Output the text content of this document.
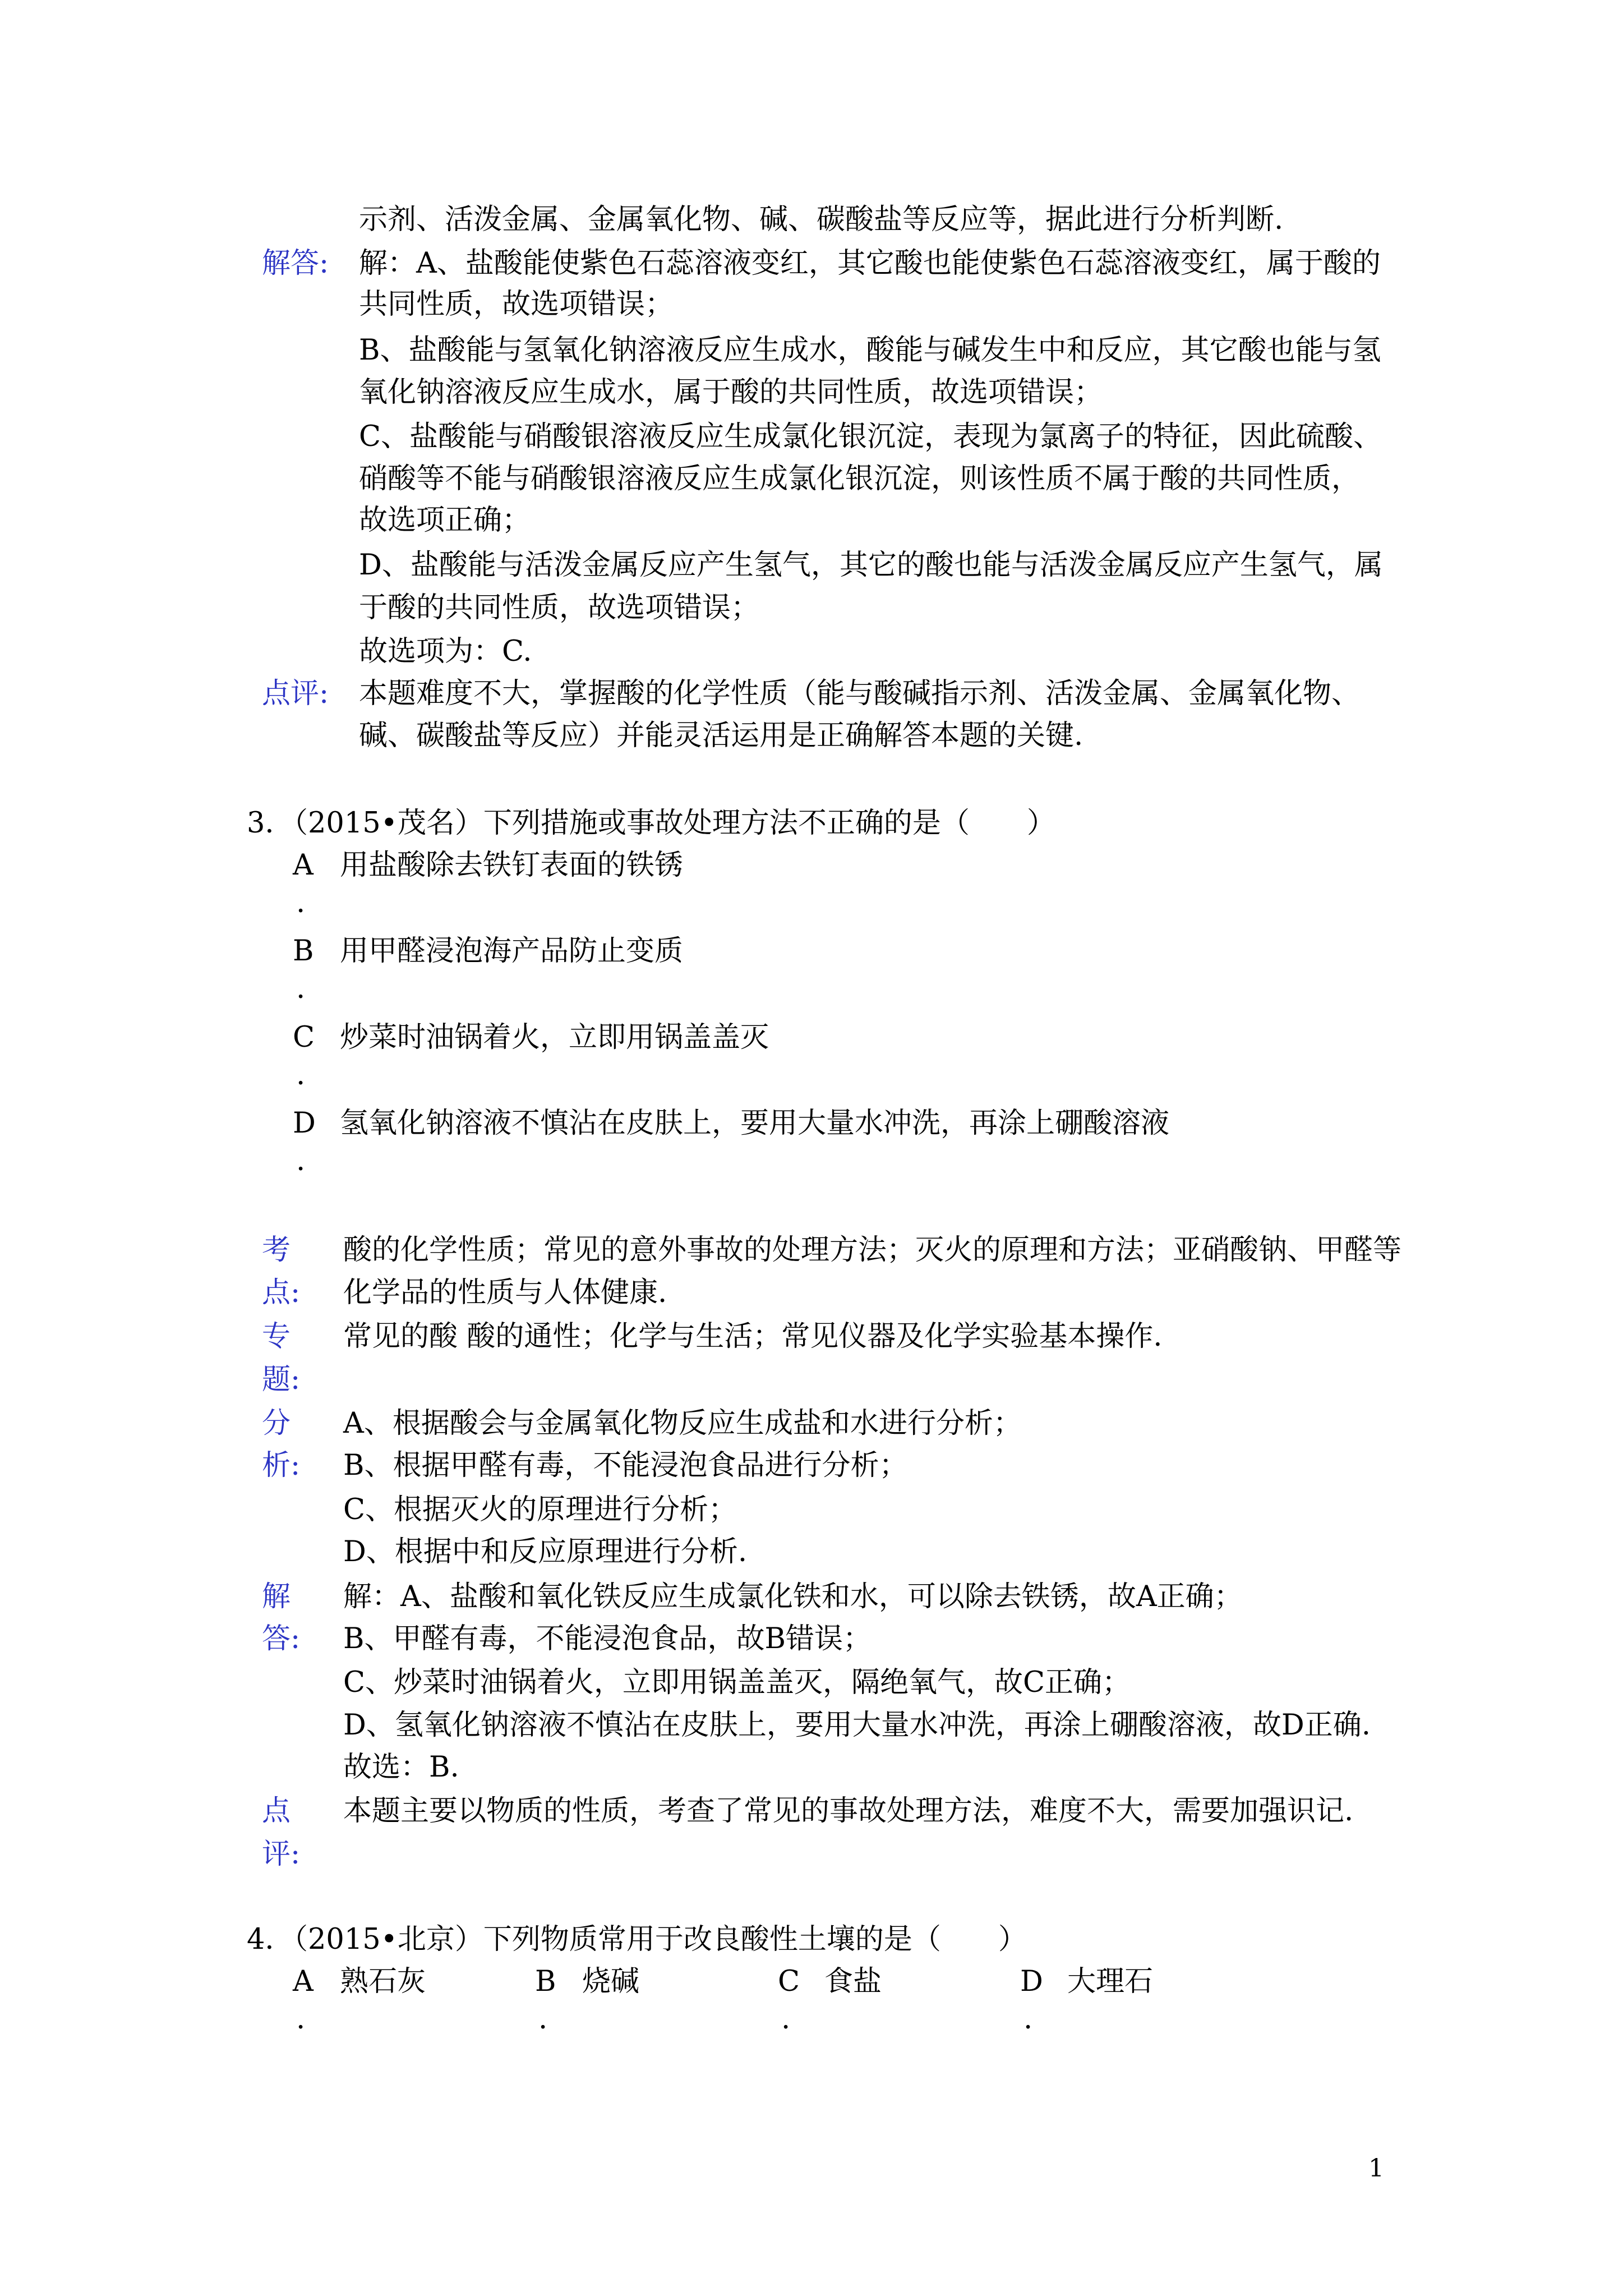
示剂、活泼金属、金属氧化物、碱、碳酸盐等反应等，据此进行分析判断.

解答: 解：A、盐酸能使紫色石蕊溶液变红，其它酸也能使紫色石蕊溶液变红，属于酸的

共同性质，故选项错误；

B、盐酸能与氢氧化钠溶液反应生成水，酸能与碱发生中和反应，其它酸也能与氢

氧化钠溶液反应生成水，属于酸的共同性质，故选项错误；

C、盐酸能与硝酸银溶液反应生成氯化银沉淀，表现为氯离子的特征，因此硫酸、

硝酸等不能与硝酸银溶液反应生成氯化银沉淀，则该性质不属于酸的共同性质，

故选项正确；

D、盐酸能与活泼金属反应产生氢气，其它的酸也能与活泼金属反应产生氢气，属

于酸的共同性质，故选项错误；

故选项为：C.

点评: 本题难度不大，掌握酸的化学性质（能与酸碱指示剂、活泼金属、金属氧化物、

碱、碳酸盐等反应）并能灵活运用是正确解答本题的关键.

3．（2015•茂名）下列措施或事故处理方法不正确的是（　　）

A 用盐酸除去铁钉表面的铁锈

.

B 用甲醛浸泡海产品防止变质

.

C 炒菜时油锅着火，立即用锅盖盖灭

.

D 氢氧化钠溶液不慎沾在皮肤上，要用大量水冲洗，再涂上硼酸溶液

.

考

点:

酸的化学性质；常见的意外事故的处理方法；灭火的原理和方法；亚硝酸钠、甲醛等

化学品的性质与人体健康.

专

题:

常见的酸 酸的通性；化学与生活；常见仪器及化学实验基本操作.

分

析:

A、根据酸会与金属氧化物反应生成盐和水进行分析；

B、根据甲醛有毒，不能浸泡食品进行分析；

C、根据灭火的原理进行分析；

D、根据中和反应原理进行分析.

解

答:

解：A、盐酸和氧化铁反应生成氯化铁和水，可以除去铁锈，故A正确；

B、甲醛有毒，不能浸泡食品，故B错误；

C、炒菜时油锅着火，立即用锅盖盖灭，隔绝氧气，故C正确；

D、氢氧化钠溶液不慎沾在皮肤上，要用大量水冲洗，再涂上硼酸溶液，故D正确.

故选：B.

点

评:

本题主要以物质的性质，考查了常见的事故处理方法，难度不大，需要加强识记.

4．（2015•北京）下列物质常用于改良酸性土壤的是（　　）

A 熟石灰

.

B 烧碱

.

C 食盐

.

D 大理石

.
1
